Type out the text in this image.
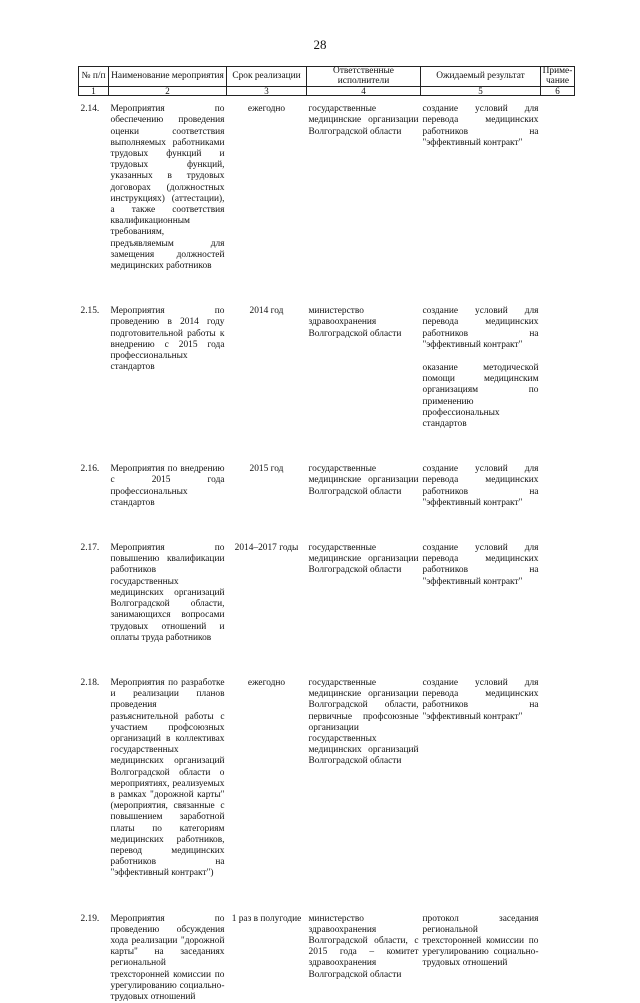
28
№ п/п	Наименование мероприятия	Срок реализации	Ответственные исполнители	Ожидаемый результат	Приме-чание
1	2	3	4	5	6
2.14.	Мероприятия по обеспечению проведения оценки соответствия выполняемых работниками трудовых функций и трудовых функций, указанных в трудовых договорах (должностных инструкциях) (аттестации), а также соответствия квалификационным требованиям, предъявляемым для замещения должностей медицинских работников	ежегодно	государственные медицинские организации Волгоградской области	создание условий для перевода медицинских работников на "эффективный контракт"	

2.15.	Мероприятия по проведению в 2014 году подготовительной работы к внедрению с 2015 года профессиональных стандартов	2014 год	министерство здравоохранения Волгоградской области	создание условий для перевода медицинских работников на "эффективный контракт"
оказание методической помощи медицинским организациям по применению профессиональных стандартов	

2.16.	Мероприятия по внедрению с 2015 года профессиональных стандартов	2015 год	государственные медицинские организации Волгоградской области	создание условий для перевода медицинских работников на "эффективный контракт"	

2.17.	Мероприятия по повышению квалификации работников государственных медицинских организаций Волгоградской области, занимающихся вопросами трудовых отношений и оплаты труда работников	2014–2017 годы	государственные медицинские организации Волгоградской области	создание условий для перевода медицинских работников на "эффективный контракт"	

2.18.	Мероприятия по разработке и реализации планов проведения разъяснительной работы с участием профсоюзных организаций в коллективах государственных медицинских организаций Волгоградской области о мероприятиях, реализуемых в рамках "дорожной карты" (мероприятия, связанные с повышением заработной платы по категориям медицинских работников, перевод медицинских работников на "эффективный контракт")	ежегодно	государственные медицинские организации Волгоградской области, первичные профсоюзные организации государственных медицинских организаций Волгоградской области	создание условий для перевода медицинских работников на "эффективный контракт"	

2.19.	Мероприятия по проведению обсуждения хода реализации "дорожной карты" на заседаниях региональной трехсторонней комиссии по урегулированию социально-трудовых отношений	1 раз в полугодие	министерство здравоохранения Волгоградской области, с 2015 года – комитет здравоохранения Волгоградской области	протокол заседания региональной трехсторонней комиссии по урегулированию социально-трудовых отношений	
